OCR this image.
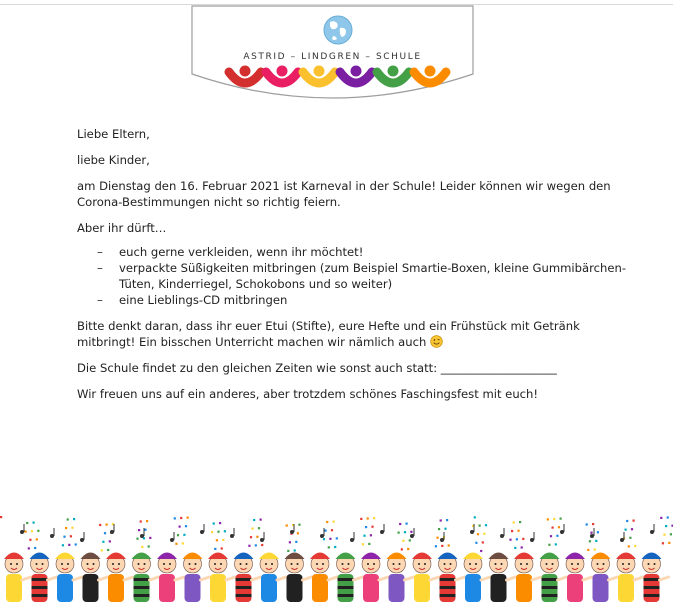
ASTRID – LINDGREN – SCHULE

Liebe Eltern,

liebe Kinder,

am Dienstag den 16. Februar 2021 ist Karneval in der Schule! Leider können wir wegen den Corona-Bestimmungen nicht so richtig feiern.

Aber ihr dürft…

– euch gerne verkleiden, wenn ihr möchtet!
– verpackte Süßigkeiten mitbringen (zum Beispiel Smartie-Boxen, kleine Gummibärchen-Tüten, Kinderriegel, Schokobons und so weiter)
– eine Lieblings-CD mitbringen

Bitte denkt daran, dass ihr euer Etui (Stifte), eure Hefte und ein Frühstück mit Getränk mitbringt! Ein bisschen Unterricht machen wir nämlich auch

Die Schule findet zu den gleichen Zeiten wie sonst auch statt: ____________________

Wir freuen uns auf ein anderes, aber trotzdem schönes Faschingsfest mit euch!
